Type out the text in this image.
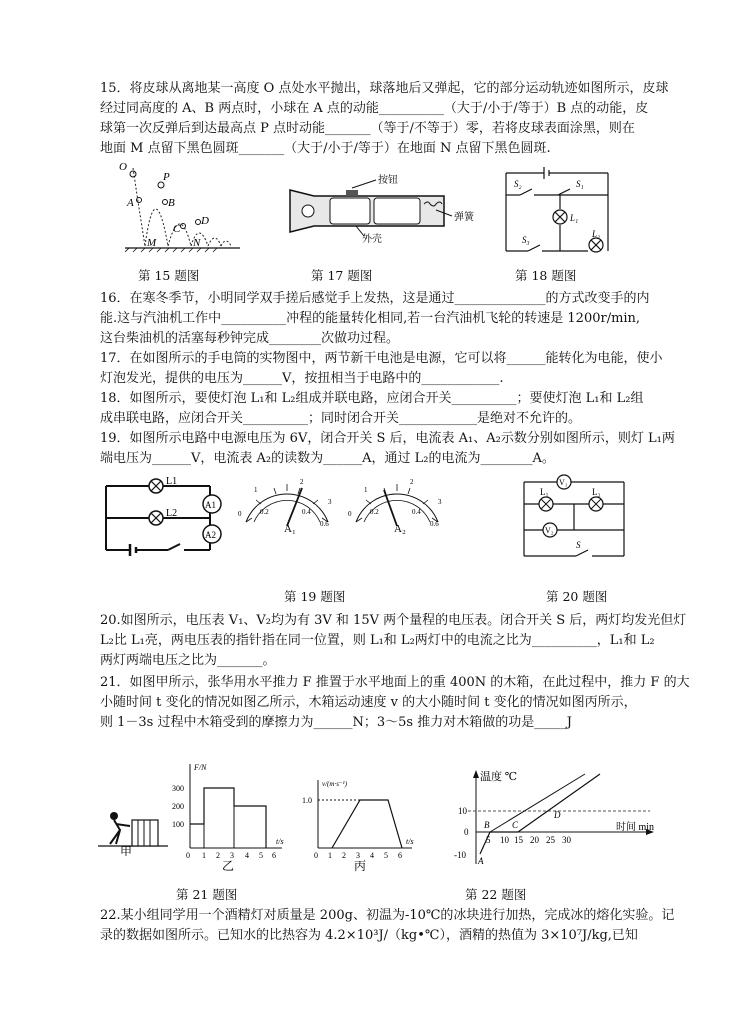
15．将皮球从离地某一高度 O 点处水平抛出，球落地后又弹起，它的部分运动轨迹如图所示，皮球

经过同高度的 A、B 两点时，小球在 A 点的动能__________（大于/小于/等于）B 点的动能，皮

球第一次反弹后到达最高点 P 点时动能_______（等于/不等于）零，若将皮球表面涂黑，则在

地面 M 点留下黑色圆斑_______（大于/小于/等于）在地面 N 点留下黑色圆斑.

O
A	B
P
C
D
M	N
按钮
弹簧
外壳
S₂	S₁
L₁
S₃
L₂
第 15 题图	第 17 题图	第 18 题图

16．在寒冬季节，小明同学双手搓后感觉手上发热，这是通过______________的方式改变手的内

能.这与汽油机工作中__________冲程的能量转化相同,若一台汽油机飞轮的转速是 1200r/min,

这台柴油机的活塞每秒钟完成________次做功过程。

17．在如图所示的手电筒的实物图中，两节新干电池是电源，它可以将______能转化为电能，使小

灯泡发光，提供的电压为______V，按扭相当于电路中的____________.

18．如图所示，要使灯泡 L₁和 L₂组成并联电路，应闭合开关__________；要使灯泡 L₁和 L₂组

成串联电路，应闭合开关__________；同时闭合开关____________是绝对不允许的。

19．如图所示电路中电源电压为 6V，闭合开关 S 后，电流表 A₁、A₂示数分别如图所示，则灯 L₁两

端电压为______V，电流表 A₂的读数为______A，通过 L₂的电流为________A。

L1
L2
A1
A2
0	0.2	0.4
0.6
1
2
3
A₁
0	0.2	0.4
0.6
1
2
3
A₂
V₁
L₁	L₂
V₂
S
第 19 题图	第 20 题图

20.如图所示，电压表 V₁、V₂均为有 3V 和 15V 两个量程的电压表。闭合开关 S 后，两灯均发光但灯

L₂比 L₁亮，两电压表的指针指在同一位置，则 L₁和 L₂两灯中的电流之比为__________，L₁和 L₂

两灯两端电压之比为_______。

21．如图甲所示，张华用水平推力 F 推置于水平地面上的重 400N 的木箱，在此过程中，推力 F 的大

小随时间 t 变化的情况如图乙所示，木箱运动速度 v 的大小随时间 t 变化的情况如图丙所示，

则 1－3s 过程中木箱受到的摩擦力为______N；3～5s 推力对木箱做的功是_____J

甲
F/N
t/s
100
200
300
0 1 2 3 4 5 6
乙
v/(m·s⁻¹)
t/s
1.0
0 1 2 3 4 5 6
丙
温度 ℃
时间 min
10
0
-10
5 10 15 20 25 30
A
B	C
D
第 21 题图	第 22 题图

22.某小组同学用一个酒精灯对质量是 200g、初温为-10℃的冰块进行加热，完成冰的熔化实验。记

录的数据如图所示。已知水的比热容为 4.2×10³J/（kg•℃），酒精的热值为 3×10⁷J/kg,已知
